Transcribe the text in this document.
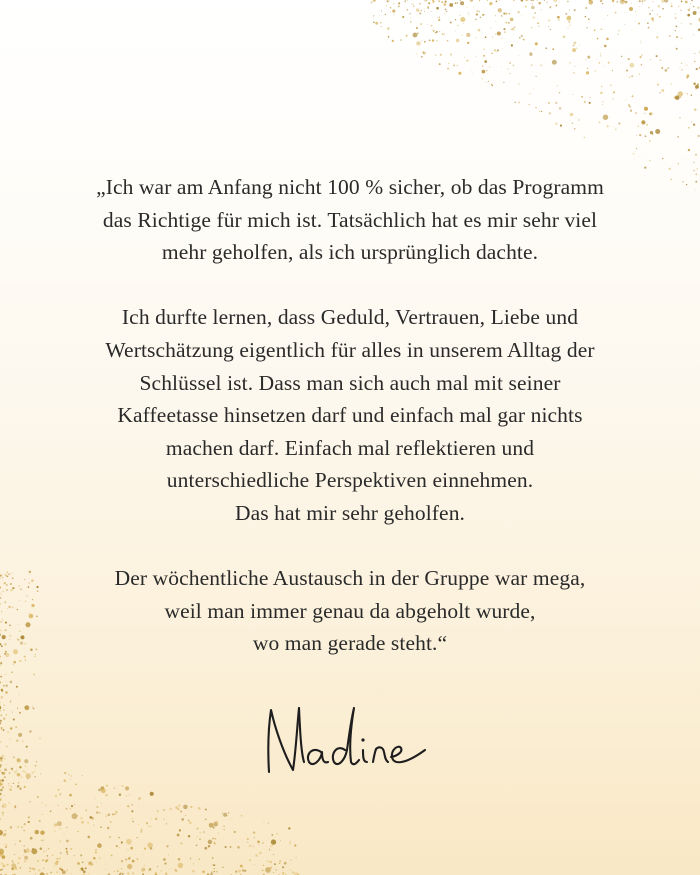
„Ich war am Anfang nicht 100 % sicher, ob das Programm
das Richtige für mich ist. Tatsächlich hat es mir sehr viel
mehr geholfen, als ich ursprünglich dachte.

Ich durfte lernen, dass Geduld, Vertrauen, Liebe und
Wertschätzung eigentlich für alles in unserem Alltag der
Schlüssel ist. Dass man sich auch mal mit seiner
Kaffeetasse hinsetzen darf und einfach mal gar nichts
machen darf. Einfach mal reflektieren und
unterschiedliche Perspektiven einnehmen.
Das hat mir sehr geholfen.

Der wöchentliche Austausch in der Gruppe war mega,
weil man immer genau da abgeholt wurde,
wo man gerade steht.“
